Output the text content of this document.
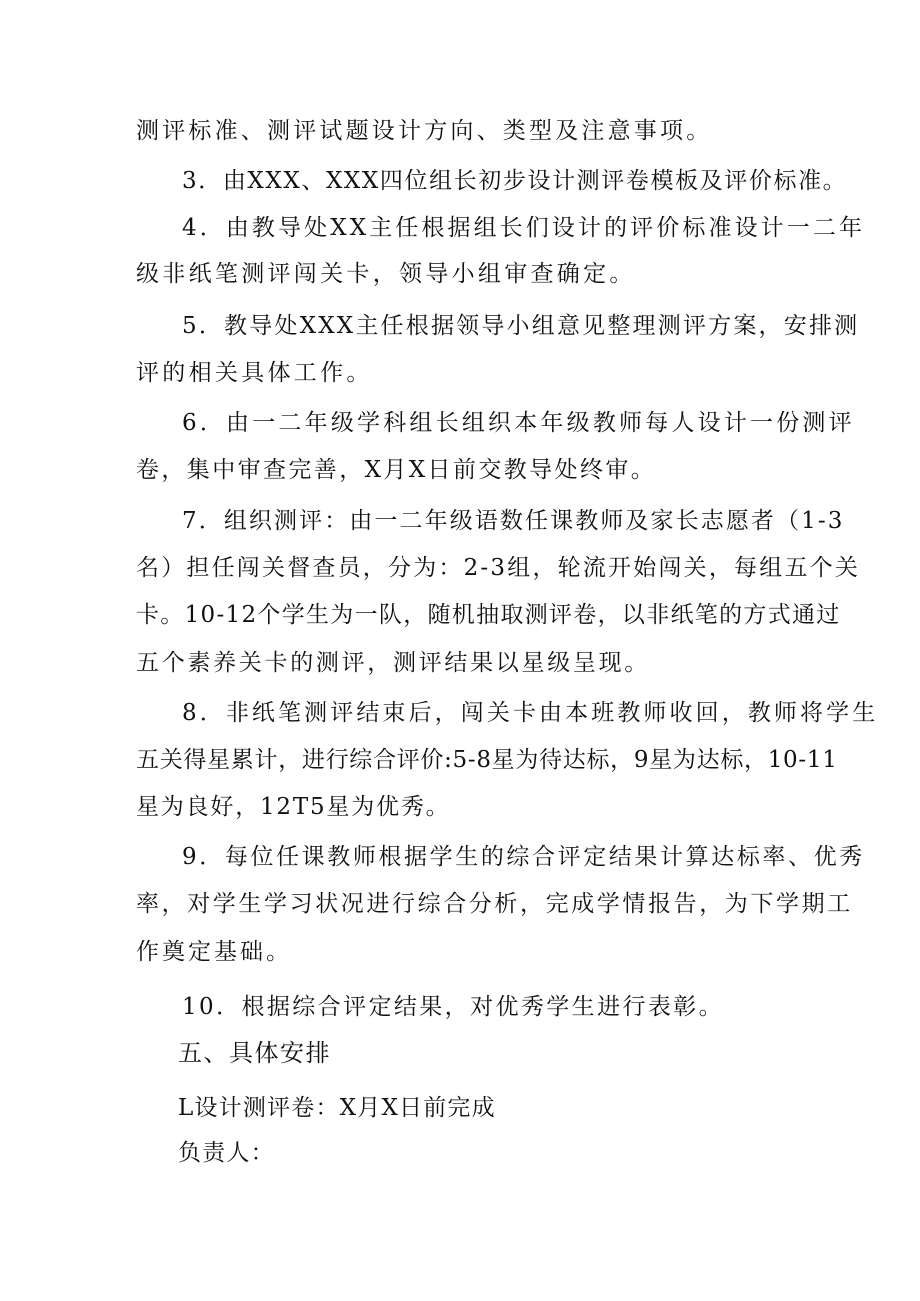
测评标准、测评试题设计方向、类型及注意事项。
3．由XXX、XXX四位组长初步设计测评卷模板及评价标准。
4．由教导处XX主任根据组长们设计的评价标准设计一二年
级非纸笔测评闯关卡，领导小组审查确定。
5．教导处XXX主任根据领导小组意见整理测评方案，安排测
评的相关具体工作。
6．由一二年级学科组长组织本年级教师每人设计一份测评
卷，集中审查完善，X月X日前交教导处终审。
7．组织测评：由一二年级语数任课教师及家长志愿者（1-3
名）担任闯关督查员，分为：2-3组，轮流开始闯关，每组五个关
卡。10-12个学生为一队，随机抽取测评卷，以非纸笔的方式通过
五个素养关卡的测评，测评结果以星级呈现。
8．非纸笔测评结束后，闯关卡由本班教师收回，教师将学生
五关得星累计，进行综合评价:5-8星为待达标，9星为达标，10-11
星为良好，12T5星为优秀。
9．每位任课教师根据学生的综合评定结果计算达标率、优秀
率，对学生学习状况进行综合分析，完成学情报告，为下学期工
作奠定基础。
10．根据综合评定结果，对优秀学生进行表彰。
五、具体安排
L设计测评卷：X月X日前完成
负责人：
